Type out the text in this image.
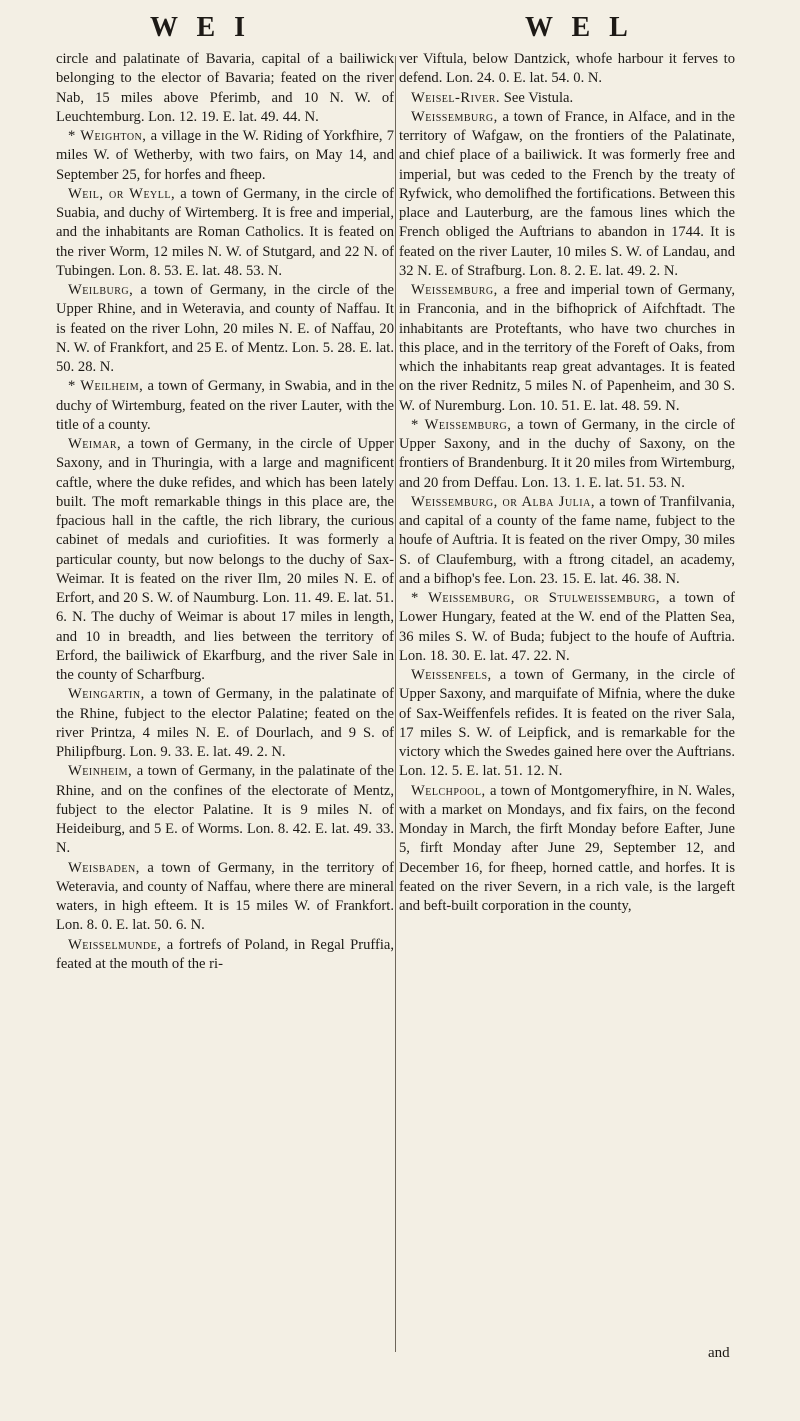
W E I	W E L

circle and palatinate of Bavaria, capital of a bailiwick belonging to the elector of Bavaria; feated on the river Nab, 15 miles above Pferimb, and 10 N. W. of Leuchtemburg. Lon. 12. 19. E. lat. 49. 44. N.

* Weighton, a village in the W. Riding of Yorkfhire, 7 miles W. of Wetherby, with two fairs, on May 14, and September 25, for horfes and fheep.

Weil, or Weyll, a town of Germany, in the circle of Suabia, and duchy of Wirtemberg. It is free and imperial, and the inhabitants are Roman Catholics. It is feated on the river Worm, 12 miles N. W. of Stutgard, and 22 N. of Tubingen. Lon. 8. 53. E. lat. 48. 53. N.

Weilburg, a town of Germany, in the circle of the Upper Rhine, and in Weteravia, and county of Naffau. It is feated on the river Lohn, 20 miles N. E. of Naffau, 20 N. W. of Frankfort, and 25 E. of Mentz. Lon. 5. 28. E. lat. 50. 28. N.

* Weilheim, a town of Germany, in Swabia, and in the duchy of Wirtemburg, feated on the river Lauter, with the title of a county.

Weimar, a town of Germany, in the circle of Upper Saxony, and in Thuringia, with a large and magnificent caftle, where the duke refides, and which has been lately built. The moft remarkable things in this place are, the fpacious hall in the caftle, the rich library, the curious cabinet of medals and curiofities. It was formerly a particular county, but now belongs to the duchy of Sax-Weimar. It is feated on the river Ilm, 20 miles N. E. of Erfort, and 20 S. W. of Naumburg. Lon. 11. 49. E. lat. 51. 6. N. The duchy of Weimar is about 17 miles in length, and 10 in breadth, and lies between the territory of Erford, the bailiwick of Ekarfburg, and the river Sale in the county of Scharfburg.

Weingartin, a town of Germany, in the palatinate of the Rhine, fubject to the elector Palatine; feated on the river Printza, 4 miles N. E. of Dourlach, and 9 S. of Philipfburg. Lon. 9. 33. E. lat. 49. 2. N.

Weinheim, a town of Germany, in the palatinate of the Rhine, and on the confines of the electorate of Mentz, fubject to the elector Palatine. It is 9 miles N. of Heideiburg, and 5 E. of Worms. Lon. 8. 42. E. lat. 49. 33. N.

Weisbaden, a town of Germany, in the territory of Weteravia, and county of Naffau, where there are mineral waters, in high efteem. It is 15 miles W. of Frankfort. Lon. 8. 0. E. lat. 50. 6. N.

Weisselmunde, a fortrefs of Poland, in Regal Pruffia, feated at the mouth of the ri-

ver Viftula, below Dantzick, whofe harbour it ferves to defend. Lon. 24. 0. E. lat. 54. 0. N.

Weisel-River. See Vistula.

Weissemburg, a town of France, in Alface, and in the territory of Wafgaw, on the frontiers of the Palatinate, and chief place of a bailiwick. It was formerly free and imperial, but was ceded to the French by the treaty of Ryfwick, who demolifhed the fortifications. Between this place and Lauterburg, are the famous lines which the French obliged the Auftrians to abandon in 1744. It is feated on the river Lauter, 10 miles S. W. of Landau, and 32 N. E. of Strafburg. Lon. 8. 2. E. lat. 49. 2. N.

Weissemburg, a free and imperial town of Germany, in Franconia, and in the bifhoprick of Aifchftadt. The inhabitants are Proteftants, who have two churches in this place, and in the territory of the Foreft of Oaks, from which the inhabitants reap great advantages. It is feated on the river Rednitz, 5 miles N. of Papenheim, and 30 S. W. of Nuremburg. Lon. 10. 51. E. lat. 48. 59. N.

* Weissemburg, a town of Germany, in the circle of Upper Saxony, and in the duchy of Saxony, on the frontiers of Brandenburg. It it 20 miles from Wirtemburg, and 20 from Deffau. Lon. 13. 1. E. lat. 51. 53. N.

Weissemburg, or Alba Julia, a town of Tranfilvania, and capital of a county of the fame name, fubject to the houfe of Auftria. It is feated on the river Ompy, 30 miles S. of Claufemburg, with a ftrong citadel, an academy, and a bifhop's fee. Lon. 23. 15. E. lat. 46. 38. N.

* Weissemburg, or Stulweissemburg, a town of Lower Hungary, feated at the W. end of the Platten Sea, 36 miles S. W. of Buda; fubject to the houfe of Auftria. Lon. 18. 30. E. lat. 47. 22. N.

Weissenfels, a town of Germany, in the circle of Upper Saxony, and marquifate of Mifnia, where the duke of Sax-Weiffenfels refides. It is feated on the river Sala, 17 miles S. W. of Leipfick, and is remarkable for the victory which the Swedes gained here over the Auftrians. Lon. 12. 5. E. lat. 51. 12. N.

Welchpool, a town of Montgomeryfhire, in N. Wales, with a market on Mondays, and fix fairs, on the fecond Monday in March, the firft Monday before Eafter, June 5, firft Monday after June 29, September 12, and December 16, for fheep, horned cattle, and horfes. It is feated on the river Severn, in a rich vale, is the largeft and beft-built corporation in the county,

and
